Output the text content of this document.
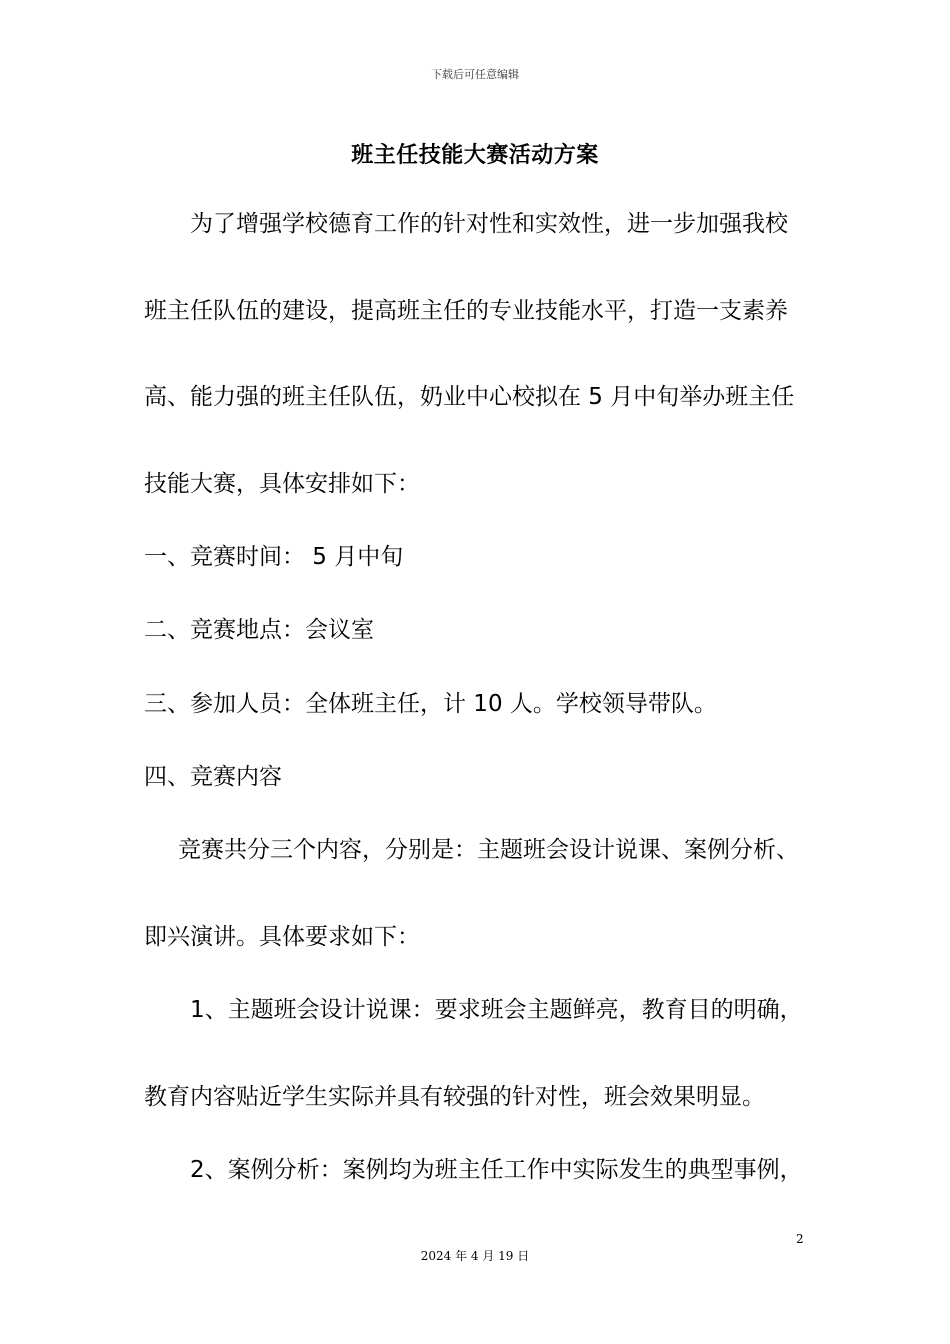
下载后可任意编辑
班主任技能大赛活动方案
为了增强学校德育工作的针对性和实效性，进一步加强我校
班主任队伍的建设，提高班主任的专业技能水平，打造一支素养
高、能力强的班主任队伍，奶业中心校拟在 5 月中旬举办班主任
技能大赛，具体安排如下：
一、竞赛时间： 5 月中旬
二、竞赛地点：会议室
三、参加人员：全体班主任，计 10 人。学校领导带队。
四、竞赛内容
竞赛共分三个内容，分别是：主题班会设计说课、案例分析、
即兴演讲。具体要求如下：
1、主题班会设计说课：要求班会主题鲜亮，教育目的明确，
教育内容贴近学生实际并具有较强的针对性，班会效果明显。
2、案例分析：案例均为班主任工作中实际发生的典型事例，
2
2024 年 4 月 19 日
